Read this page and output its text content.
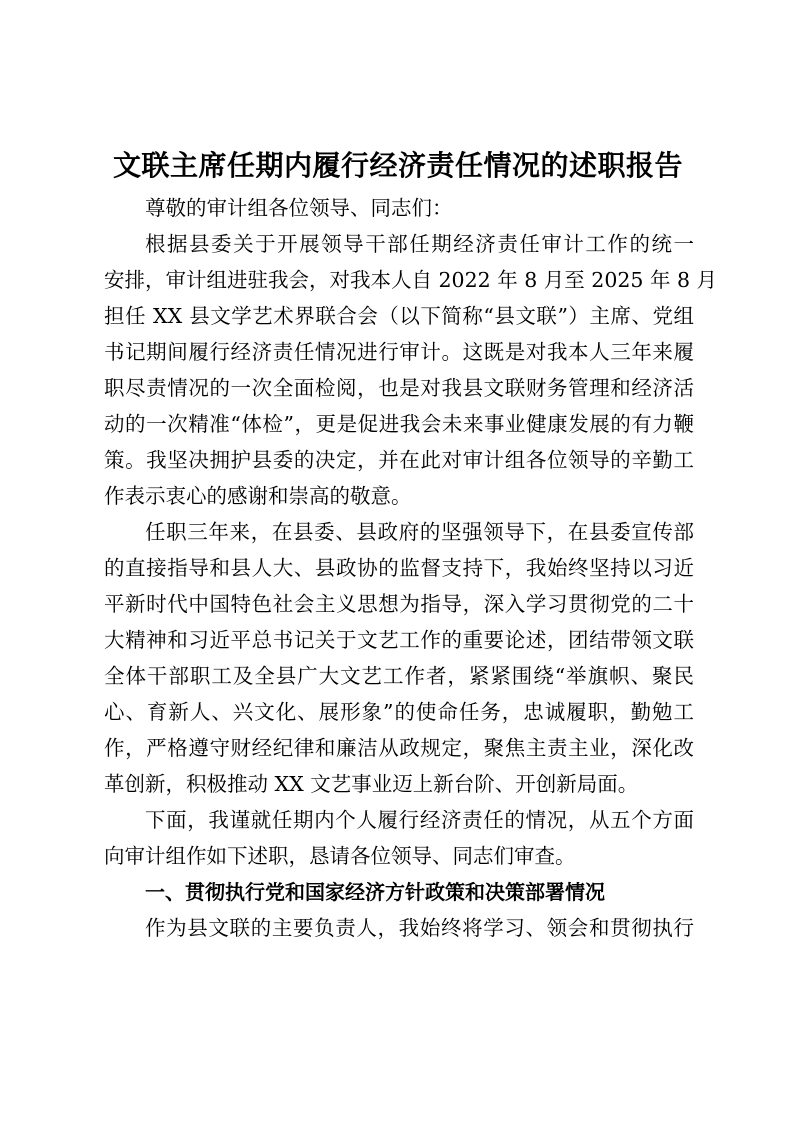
文联主席任期内履行经济责任情况的述职报告
尊敬的审计组各位领导、同志们：
根据县委关于开展领导干部任期经济责任审计工作的统一
安排，审计组进驻我会，对我本人自 2022 年 8 月至 2025 年 8 月
担任 XX 县文学艺术界联合会（以下简称“县文联”）主席、党组
书记期间履行经济责任情况进行审计。这既是对我本人三年来履
职尽责情况的一次全面检阅，也是对我县文联财务管理和经济活
动的一次精准“体检”，更是促进我会未来事业健康发展的有力鞭
策。我坚决拥护县委的决定，并在此对审计组各位领导的辛勤工
作表示衷心的感谢和崇高的敬意。
任职三年来，在县委、县政府的坚强领导下，在县委宣传部
的直接指导和县人大、县政协的监督支持下，我始终坚持以习近
平新时代中国特色社会主义思想为指导，深入学习贯彻党的二十
大精神和习近平总书记关于文艺工作的重要论述，团结带领文联
全体干部职工及全县广大文艺工作者，紧紧围绕“举旗帜、聚民
心、育新人、兴文化、展形象”的使命任务，忠诚履职，勤勉工
作，严格遵守财经纪律和廉洁从政规定，聚焦主责主业，深化改
革创新，积极推动 XX 文艺事业迈上新台阶、开创新局面。
下面，我谨就任期内个人履行经济责任的情况，从五个方面
向审计组作如下述职，恳请各位领导、同志们审查。
一、贯彻执行党和国家经济方针政策和决策部署情况
作为县文联的主要负责人，我始终将学习、领会和贯彻执行
